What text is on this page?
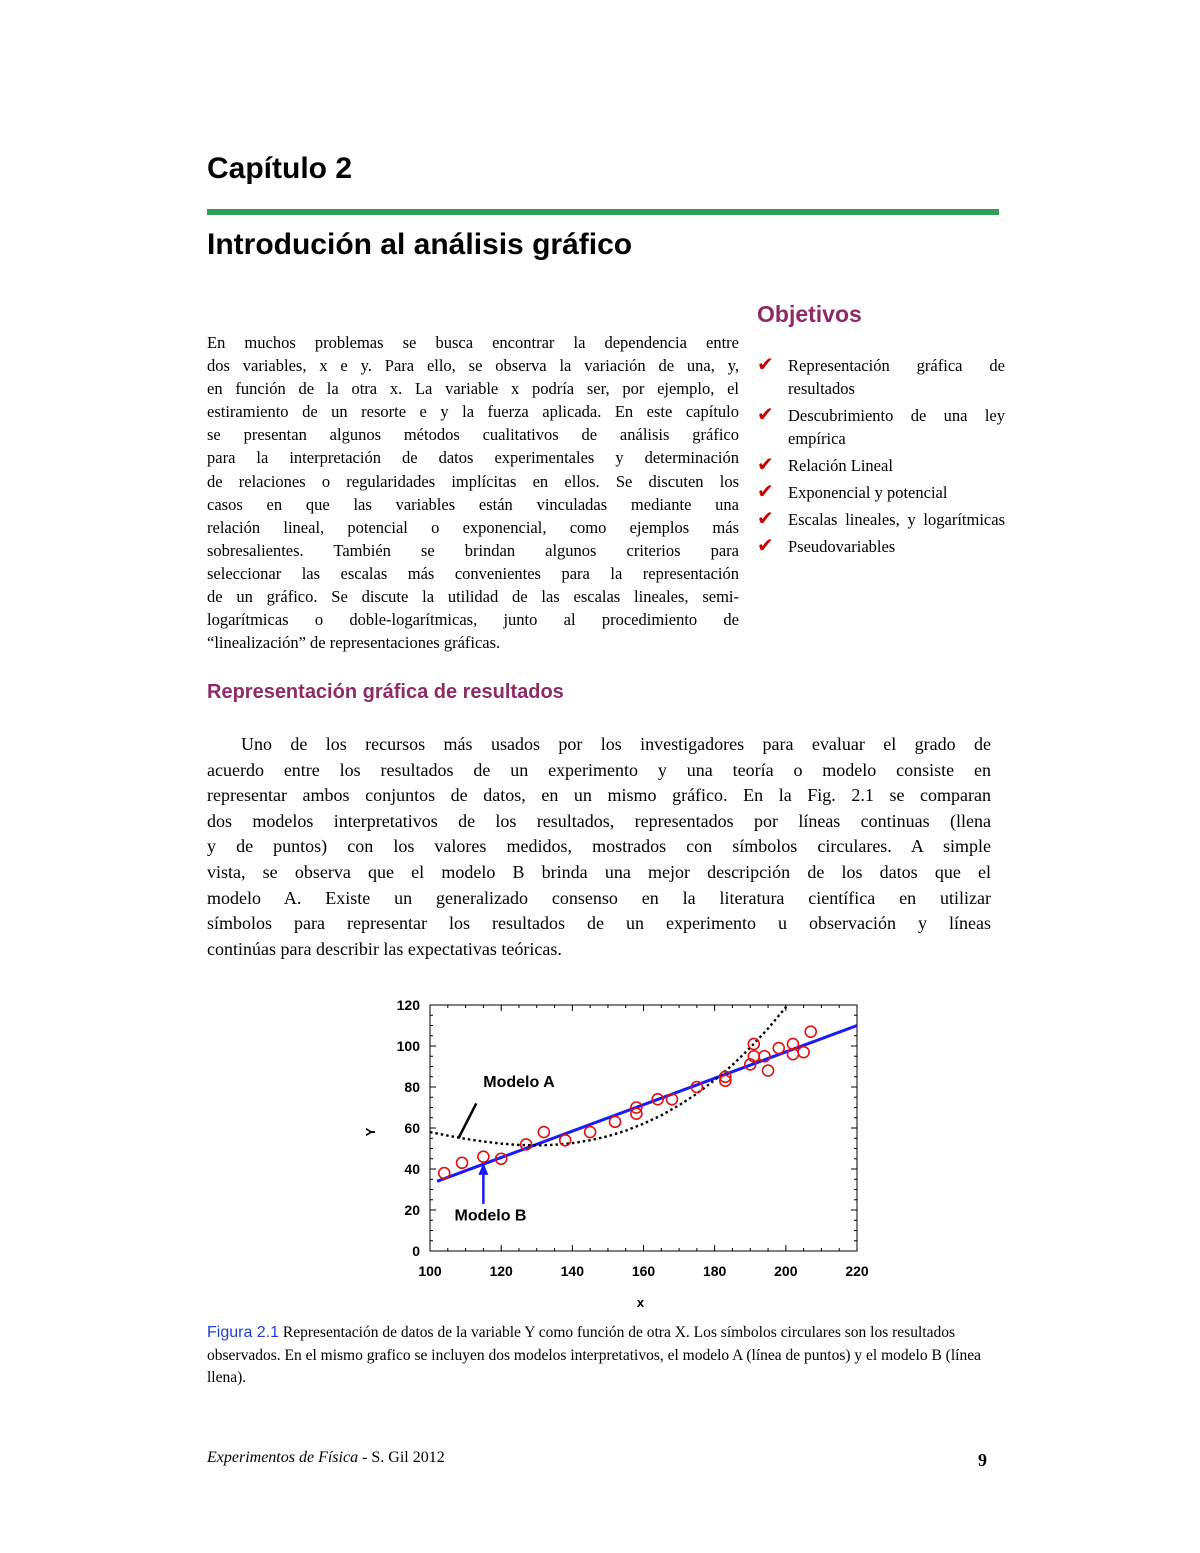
Capítulo 2
Introdución al análisis gráfico
En muchos problemas se busca encontrar la dependencia entre
dos variables, x e y. Para ello, se observa la variación de una, y,
en función de la otra x. La variable x podría ser, por ejemplo, el
estiramiento de un resorte e y la fuerza aplicada. En este capítulo
se presentan algunos métodos cualitativos de análisis gráfico
para la interpretación de datos experimentales y determinación
de relaciones o regularidades implícitas en ellos. Se discuten los
casos en que las variables están vinculadas mediante una
relación lineal, potencial o exponencial, como ejemplos más
sobresalientes. También se brindan algunos criterios para
seleccionar las escalas más convenientes para la representación
de un gráfico. Se discute la utilidad de las escalas lineales, semi-
logarítmicas o doble-logarítmicas, junto al procedimiento de
“linealización” de representaciones gráficas.
Objetivos
✔ Representación gráfica de resultados
✔ Descubrimiento de una ley empírica
✔ Relación Lineal
✔ Exponencial y potencial
✔ Escalas lineales, y logarítmicas
✔ Pseudovariables
Representación gráfica de resultados
Uno de los recursos más usados por los investigadores para evaluar el grado de
acuerdo entre los resultados de un experimento y una teoría o modelo consiste en
representar ambos conjuntos de datos, en un mismo gráfico. En la Fig. 2.1 se comparan
dos modelos interpretativos de los resultados, representados por líneas continuas (llena
y de puntos) con los valores medidos, mostrados con símbolos circulares. A simple
vista, se observa que el modelo B brinda una mejor descripción de los datos que el
modelo A. Existe un generalizado consenso en la literatura científica en utilizar
símbolos para representar los resultados de un experimento u observación y líneas
continúas para describir las expectativas teóricas.
100	120	140	160	180	200	220
0
20
40
60
80
100
120
x
Y
Modelo A
Modelo B
Figura 2.1 Representación de datos de la variable Y como función de otra X. Los símbolos circulares son los resultados observados. En el mismo grafico se incluyen dos modelos interpretativos, el modelo A (línea de puntos) y el modelo B (línea llena).
Experimentos de Física - S. Gil 2012	9
